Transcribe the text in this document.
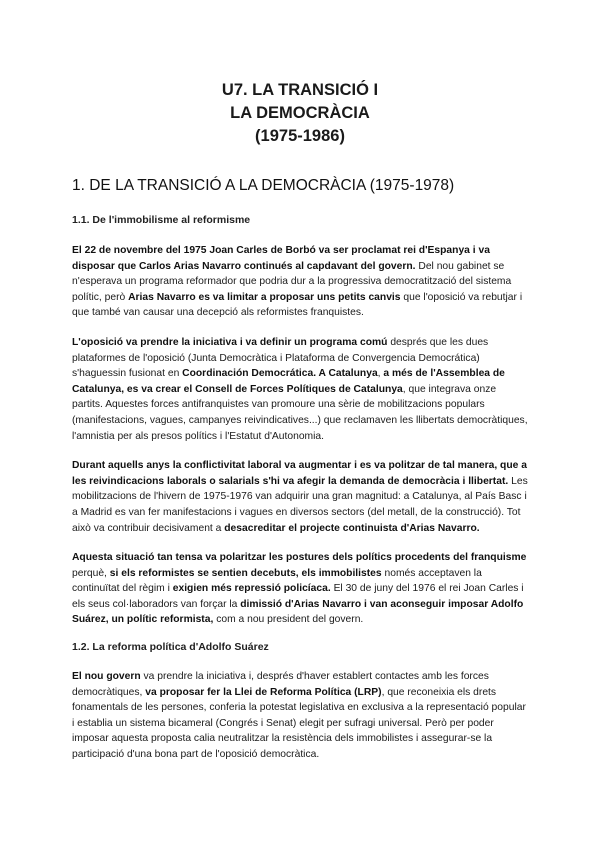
U7. LA TRANSICIÓ I
LA DEMOCRÀCIA
(1975-1986)
1. DE LA TRANSICIÓ A LA DEMOCRÀCIA (1975-1978)
1.1. De l'immobilisme al reformisme

El 22 de novembre del 1975 Joan Carles de Borbó va ser proclamat rei d'Espanya i va disposar que Carlos Arias Navarro continués al capdavant del govern. Del nou gabinet se n'esperava un programa reformador que podria dur a la progressiva democratització del sistema polític, però Arias Navarro es va limitar a proposar uns petits canvis que l'oposició va rebutjar i que també van causar una decepció als reformistes franquistes.

L'oposició va prendre la iniciativa i va definir un programa comú després que les dues plataformes de l'oposició (Junta Democràtica i Plataforma de Convergencia Democrática) s'haguessin fusionat en Coordinación Democrática. A Catalunya, a més de l'Assemblea de Catalunya, es va crear el Consell de Forces Polítiques de Catalunya, que integrava onze partits. Aquestes forces antifranquistes van promoure una sèrie de mobilitzacions populars (manifestacions, vagues, campanyes reivindicatives...) que reclamaven les llibertats democràtiques, l'amnistia per als presos polítics i l'Estatut d'Autonomia.

Durant aquells anys la conflictivitat laboral va augmentar i es va politzar de tal manera, que a les reivindicacions laborals o salarials s'hi va afegir la demanda de democràcia i llibertat. Les mobilitzacions de l'hivern de 1975-1976 van adquirir una gran magnitud: a Catalunya, al País Basc i a Madrid es van fer manifestacions i vagues en diversos sectors (del metall, de la construcció). Tot això va contribuir decisivament a desacreditar el projecte continuista d'Arias Navarro.

Aquesta situació tan tensa va polaritzar les postures dels polítics procedents del franquisme perquè, si els reformistes se sentien decebuts, els immobilistes només acceptaven la continuïtat del règim i exigien més repressió policíaca. El 30 de juny del 1976 el rei Joan Carles i els seus col·laboradors van forçar la dimissió d'Arias Navarro i van aconseguir imposar Adolfo Suárez, un polític reformista, com a nou president del govern.

1.2. La reforma política d'Adolfo Suárez

El nou govern va prendre la iniciativa i, després d'haver establert contactes amb les forces democràtiques, va proposar fer la Llei de Reforma Política (LRP), que reconeixia els drets fonamentals de les persones, conferia la potestat legislativa en exclusiva a la representació popular i establia un sistema bicameral (Congrés i Senat) elegit per sufragi universal. Però per poder imposar aquesta proposta calia neutralitzar la resistència dels immobilistes i assegurar-se la participació d'una bona part de l'oposició democràtica.
